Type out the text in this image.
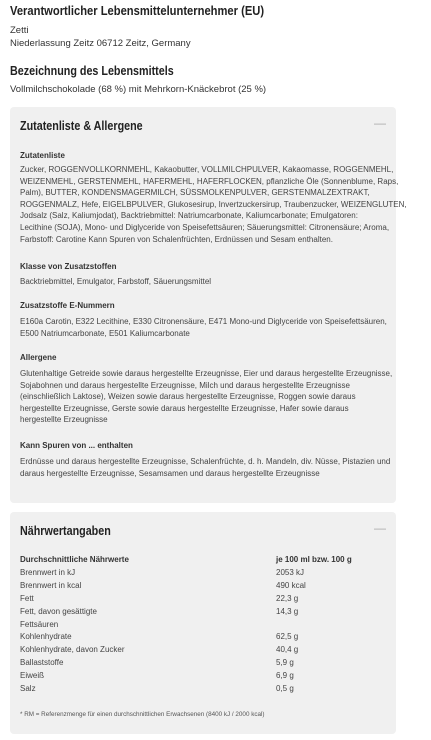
Verantwortlicher Lebensmittelunternehmer (EU)
Zetti
Niederlassung Zeitz 06712 Zeitz, Germany
Bezeichnung des Lebensmittels
Vollmilchschokolade (68 %) mit Mehrkorn-Knäckebrot (25 %)
Zutatenliste & Allergene	—
Zutatenliste
Zucker, ROGGENVOLLKORNMEHL, Kakaobutter, VOLLMILCHPULVER, Kakaomasse, ROGGENMEHL,
WEIZENMEHL, GERSTENMEHL, HAFERMEHL, HAFERFLOCKEN, pflanzliche Öle (Sonnenblume, Raps,
Palm), BUTTER, KONDENSMAGERMILCH, SÜSSMOLKENPULVER, GERSTENMALZEXTRAKT,
ROGGENMALZ, Hefe, EIGELBPULVER, Glukosesirup, Invertzuckersirup, Traubenzucker, WEIZENGLUTEN,
Jodsalz (Salz, Kaliumjodat), Backtriebmittel: Natriumcarbonate, Kaliumcarbonate; Emulgatoren:
Lecithine (SOJA), Mono- und Diglyceride von Speisefettsäuren; Säuerungsmittel: Citronensäure; Aroma,
Farbstoff: Carotine Kann Spuren von Schalenfrüchten, Erdnüssen und Sesam enthalten.
Klasse von Zusatzstoffen
Backtriebmittel, Emulgator, Farbstoff, Säuerungsmittel
Zusatzstoffe E-Nummern
E160a Carotin, E322 Lecithine, E330 Citronensäure, E471 Mono-und Diglyceride von Speisefettsäuren,
E500 Natriumcarbonate, E501 Kaliumcarbonate
Allergene
Glutenhaltige Getreide sowie daraus hergestellte Erzeugnisse, Eier und daraus hergestellte Erzeugnisse,
Sojabohnen und daraus hergestellte Erzeugnisse, Milch und daraus hergestellte Erzeugnisse
(einschließlich Laktose), Weizen sowie daraus hergestellte Erzeugnisse, Roggen sowie daraus
hergestellte Erzeugnisse, Gerste sowie daraus hergestellte Erzeugnisse, Hafer sowie daraus
hergestellte Erzeugnisse
Kann Spuren von ... enthalten
Erdnüsse und daraus hergestellte Erzeugnisse, Schalenfrüchte, d. h. Mandeln, div. Nüsse, Pistazien und
daraus hergestellte Erzeugnisse, Sesamsamen und daraus hergestellte Erzeugnisse
Nährwertangaben	—
Durchschnittliche Nährwerte	je 100 ml bzw. 100 g
Brennwert in kJ	2053 kJ
Brennwert in kcal	490 kcal
Fett	22,3 g
Fett, davon gesättigte	14,3 g
Fettsäuren	
Kohlenhydrate	62,5 g
Kohlenhydrate, davon Zucker	40,4 g
Ballaststoffe	5,9 g
Eiweiß	6,9 g
Salz	0,5 g
* RM = Referenzmenge für einen durchschnittlichen Erwachsenen (8400 kJ / 2000 kcal)
